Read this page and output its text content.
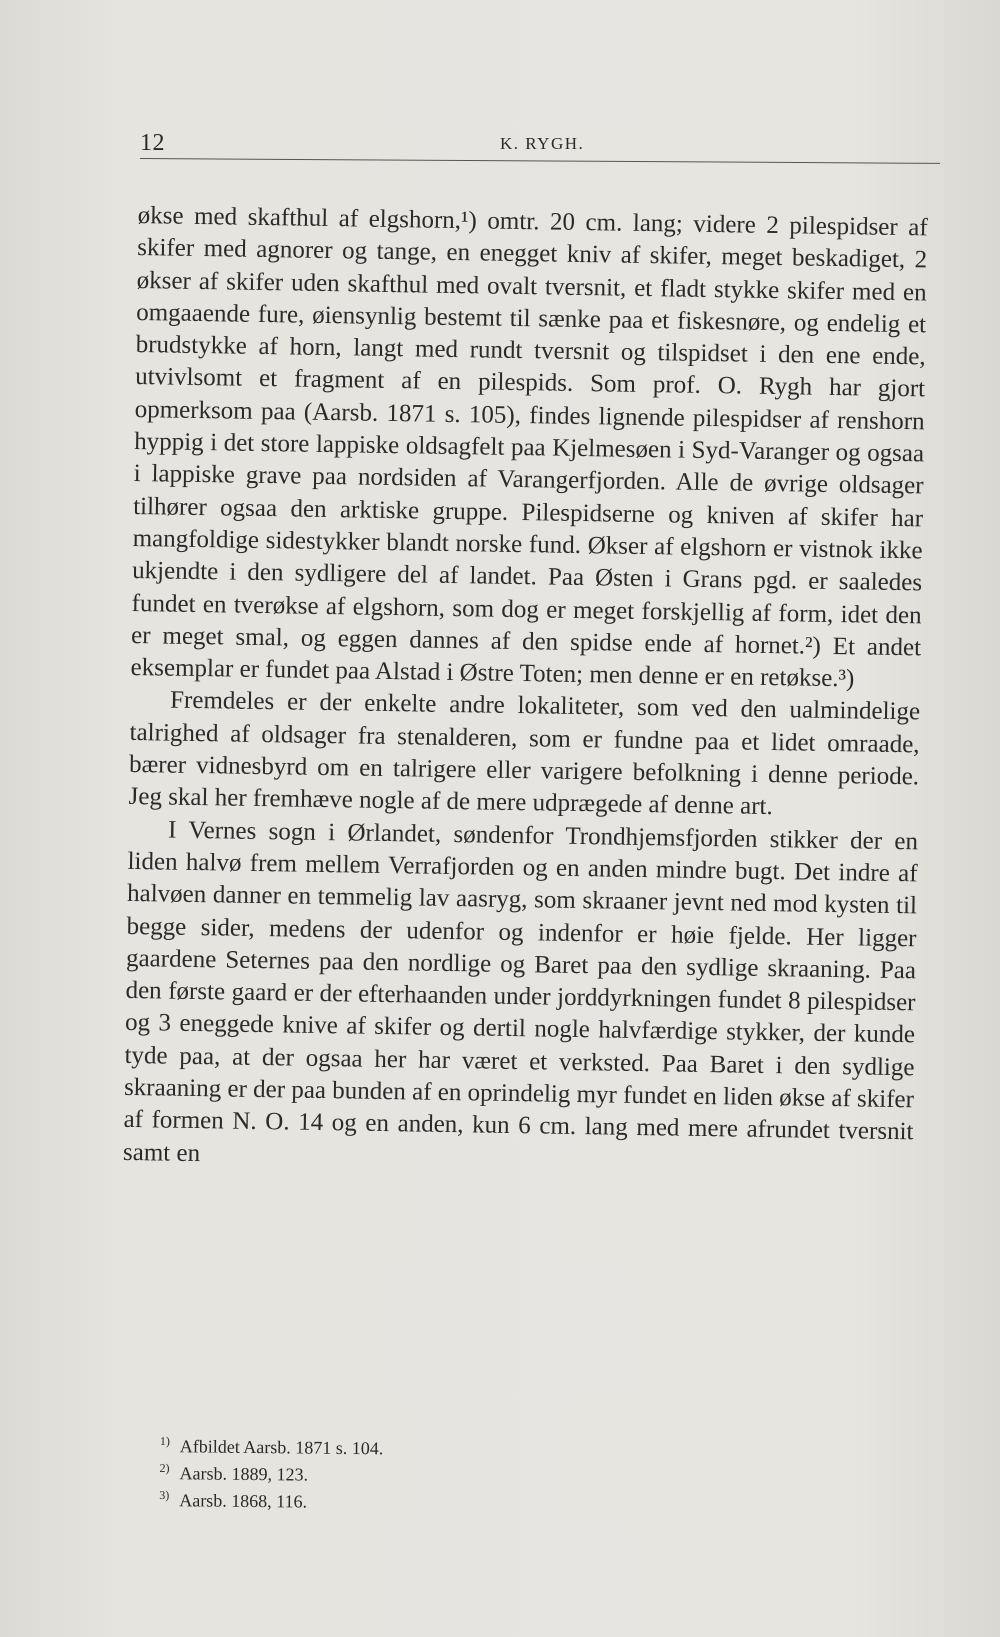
12	K. RYGH.

økse med skafthul af elgshorn,¹) omtr. 20 cm. lang; videre 2 pilespidser af skifer med agnorer og tange, en enegget kniv af skifer, meget beskadiget, 2 økser af skifer uden skafthul med ovalt tversnit, et fladt stykke skifer med en omgaaende fure, øiensynlig bestemt til sænke paa et fiskesnøre, og endelig et brudstykke af horn, langt med rundt tversnit og tilspidset i den ene ende, utvivlsomt et fragment af en pilespids. Som prof. O. Rygh har gjort opmerksom paa (Aarsb. 1871 s. 105), findes lignende pilespidser af renshorn hyppig i det store lappiske oldsagfelt paa Kjelmesøen i Syd-Varanger og ogsaa i lappiske grave paa nordsiden af Varangerfjorden. Alle de øvrige oldsager tilhører ogsaa den arktiske gruppe. Pilespidserne og kniven af skifer har mangfoldige sidestykker blandt norske fund. Økser af elgshorn er vistnok ikke ukjendte i den sydligere del af landet. Paa Østen i Grans pgd. er saaledes fundet en tverøkse af elgshorn, som dog er meget forskjellig af form, idet den er meget smal, og eggen dannes af den spidse ende af hornet.²) Et andet eksemplar er fundet paa Alstad i Østre Toten; men denne er en retøkse.³)

Fremdeles er der enkelte andre lokaliteter, som ved den ualmindelige talrighed af oldsager fra stenalderen, som er fundne paa et lidet omraade, bærer vidnesbyrd om en talrigere eller varigere befolkning i denne periode. Jeg skal her fremhæve nogle af de mere udprægede af denne art.

I Vernes sogn i Ørlandet, søndenfor Trondhjemsfjorden stikker der en liden halvø frem mellem Verrafjorden og en anden mindre bugt. Det indre af halvøen danner en temmelig lav aasryg, som skraaner jevnt ned mod kysten til begge sider, medens der udenfor og indenfor er høie fjelde. Her ligger gaardene Seternes paa den nordlige og Baret paa den sydlige skraaning. Paa den første gaard er der efterhaanden under jorddyrkningen fundet 8 pilespidser og 3 eneggede knive af skifer og dertil nogle halvfærdige stykker, der kunde tyde paa, at der ogsaa her har været et verksted. Paa Baret i den sydlige skraaning er der paa bunden af en oprindelig myr fundet en liden økse af skifer af formen N. O. 14 og en anden, kun 6 cm. lang med mere afrundet tversnit samt en

$^{1)}$ Afbildet Aarsb. 1871 s. 104.
$^{2)}$ Aarsb. 1889, 123.
$^{3)}$ Aarsb. 1868, 116.
